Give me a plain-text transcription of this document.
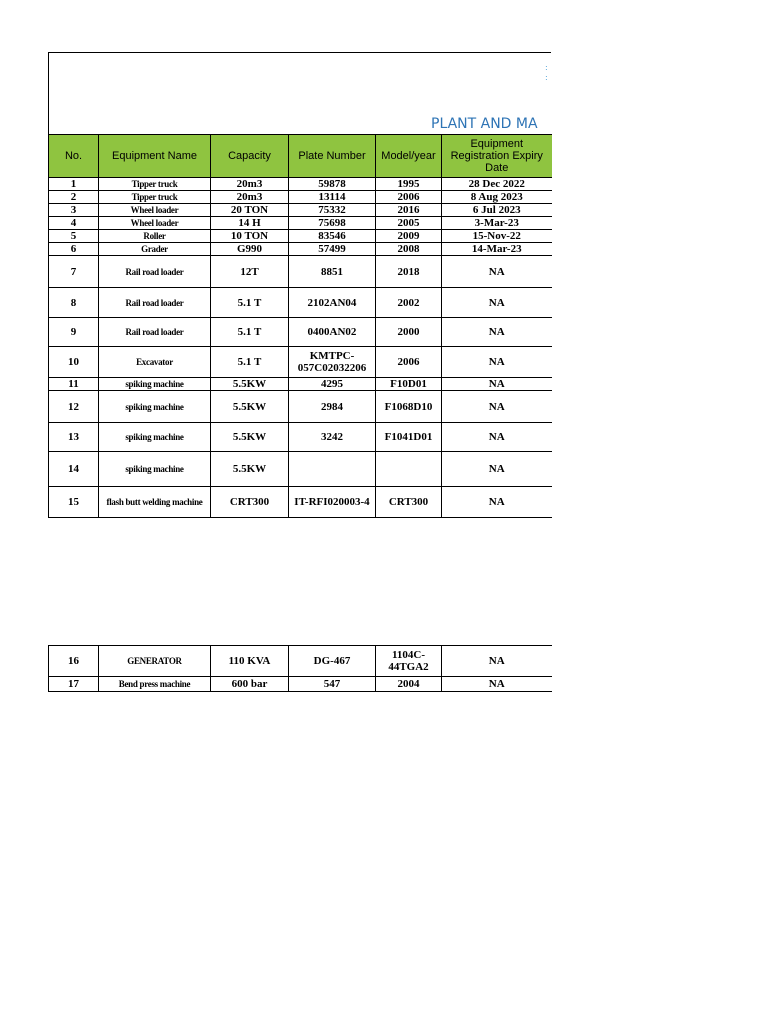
: :
PLANT AND MA
No.	Equipment Name	Capacity	Plate Number	Model/year	Equipment Registration Expiry Date
1	Tipper truck	20m3	59878	1995	28 Dec 2022
2	Tipper truck	20m3	13114	2006	8 Aug 2023
3	Wheel loader	20 TON	75332	2016	6 Jul 2023
4	Wheel loader	14 H	75698	2005	3-Mar-23
5	Roller	10 TON	83546	2009	15-Nov-22
6	Grader	G990	57499	2008	14-Mar-23
7	Rail road loader	12T	8851	2018	NA
8	Rail road loader	5.1 T	2102AN04	2002	NA
9	Rail road loader	5.1 T	0400AN02	2000	NA
10	Excavator	5.1 T	KMTPC-057C02032206	2006	NA
11	spiking machine	5.5KW	4295	F10D01	NA
12	spiking machine	5.5KW	2984	F1068D10	NA
13	spiking machine	5.5KW	3242	F1041D01	NA
14	spiking machine	5.5KW			NA
15	flash butt welding machine	CRT300	IT-RFI020003-4	CRT300	NA
16	GENERATOR	110 KVA	DG-467	1104C-44TGA2	NA
17	Bend press machine	600 bar	547	2004	NA
